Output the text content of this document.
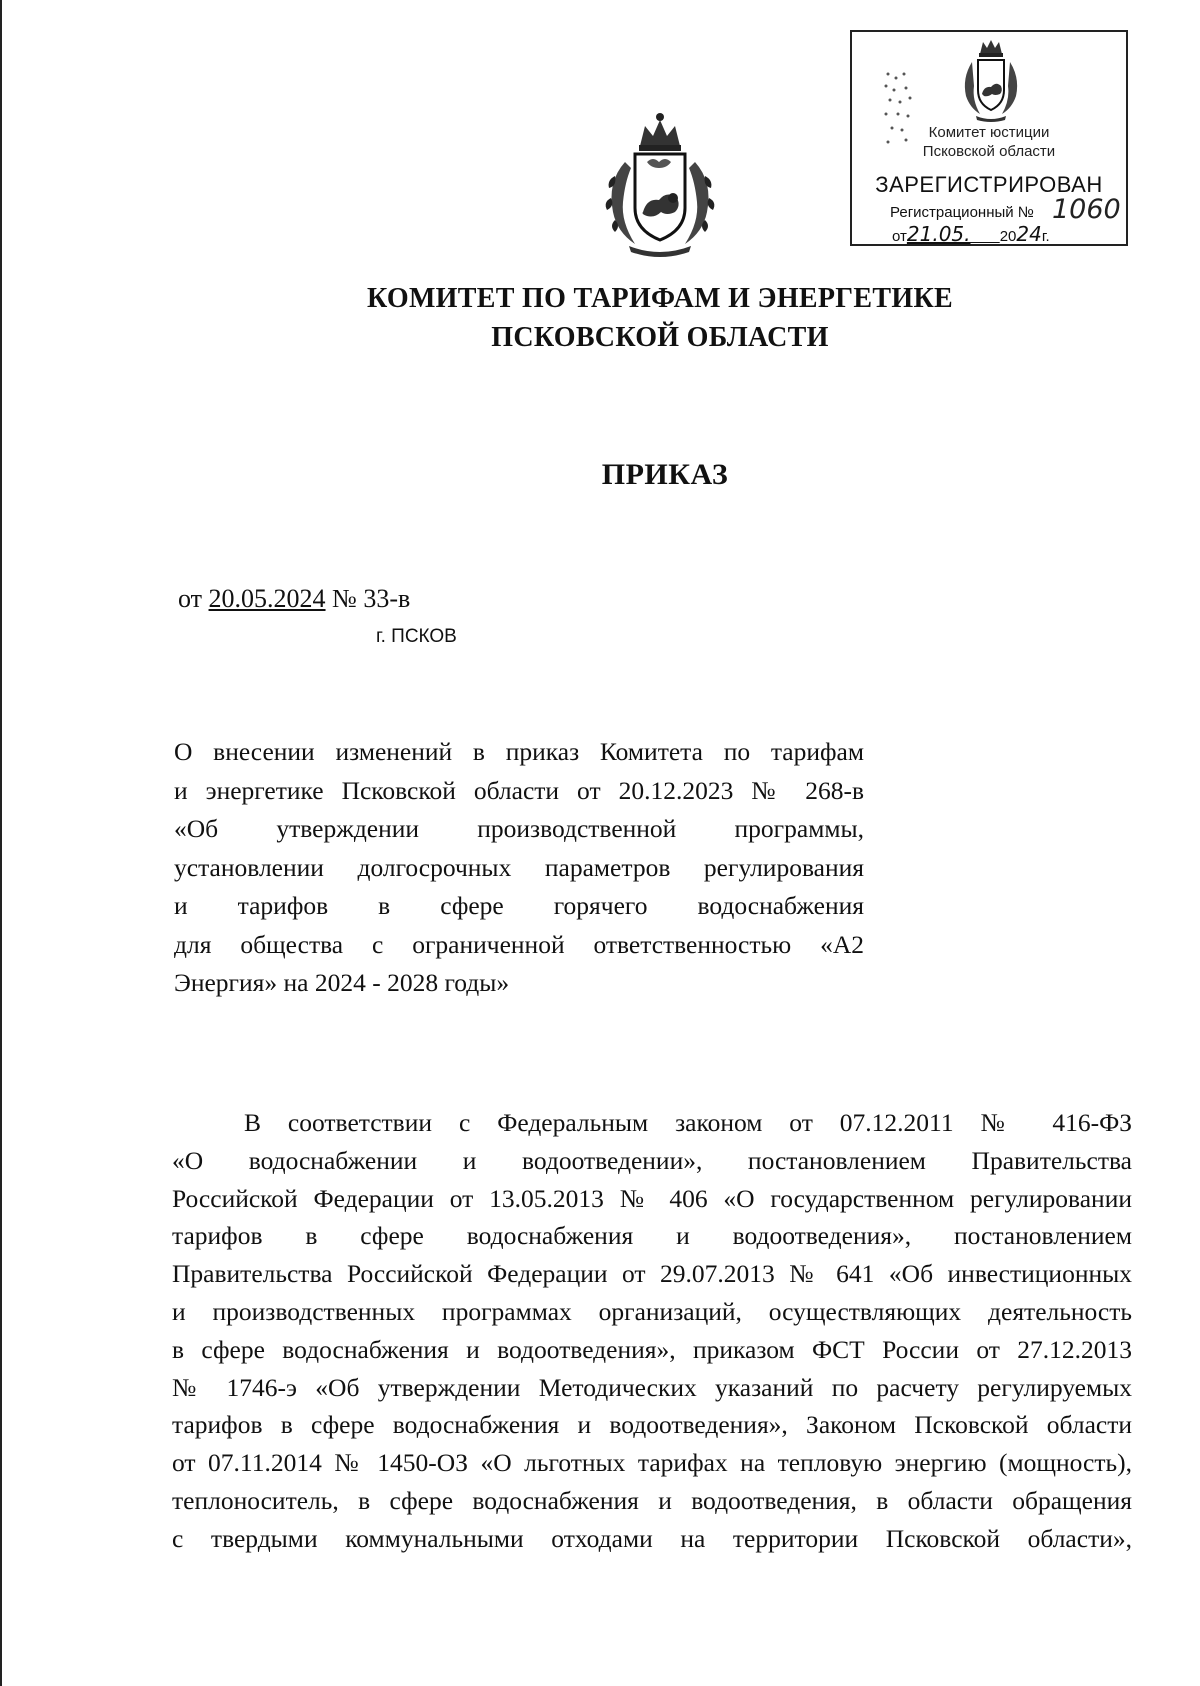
Комитет юстиции
Псковской области
ЗАРЕГИСТРИРОВАН
Регистрационный № 1060
от21.05. 2024г.
КОМИТЕТ ПО ТАРИФАМ И ЭНЕРГЕТИКЕ
ПСКОВСКОЙ ОБЛАСТИ
ПРИКАЗ
от 20.05.2024 № 33-в
г. ПСКОВ
О внесении изменений в приказ Комитета по тарифам
и энергетике Псковской области от 20.12.2023 № 268-в
«Об утверждении производственной программы,
установлении долгосрочных параметров регулирования
и тарифов в сфере горячего водоснабжения
для общества с ограниченной ответственностью «А2
Энергия» на 2024 - 2028 годы»
В соответствии с Федеральным законом от 07.12.2011 № 416-ФЗ
«О водоснабжении и водоотведении», постановлением Правительства
Российской Федерации от 13.05.2013 № 406 «О государственном регулировании
тарифов в сфере водоснабжения и водоотведения», постановлением
Правительства Российской Федерации от 29.07.2013 № 641 «Об инвестиционных
и производственных программах организаций, осуществляющих деятельность
в сфере водоснабжения и водоотведения», приказом ФСТ России от 27.12.2013
№ 1746-э «Об утверждении Методических указаний по расчету регулируемых
тарифов в сфере водоснабжения и водоотведения», Законом Псковской области
от 07.11.2014 № 1450-ОЗ «О льготных тарифах на тепловую энергию (мощность),
теплоноситель, в сфере водоснабжения и водоотведения, в области обращения
с твердыми коммунальными отходами на территории Псковской области»,
